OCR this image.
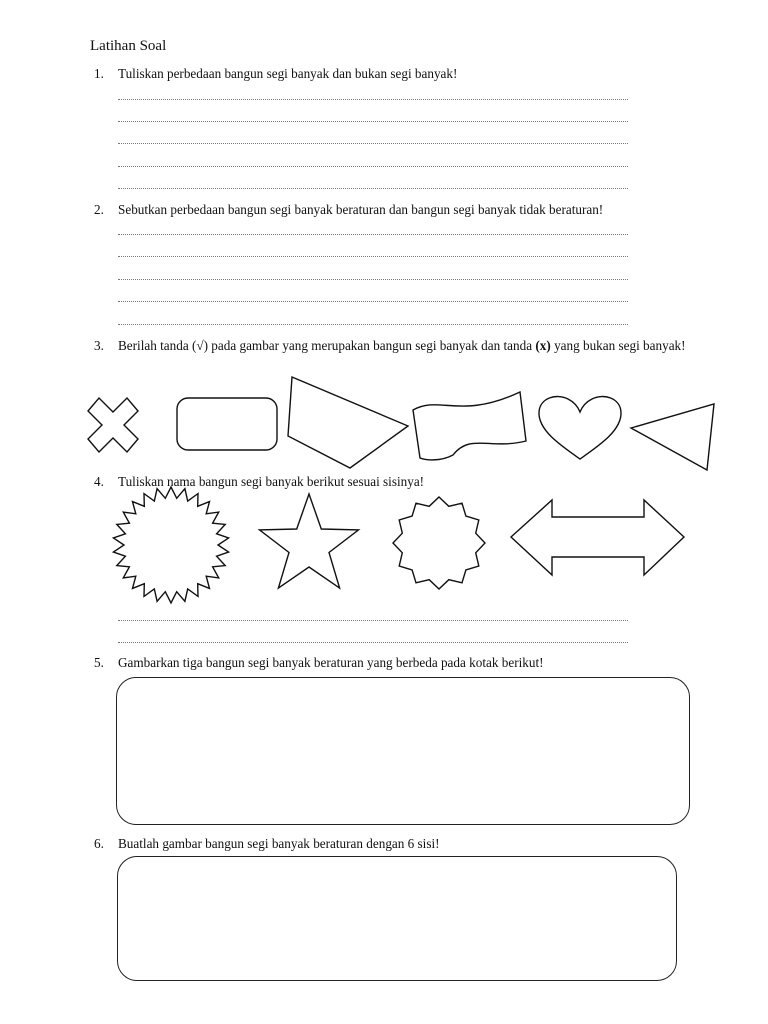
Latihan Soal
1. Tuliskan perbedaan bangun segi banyak dan bukan segi banyak!
2. Sebutkan perbedaan bangun segi banyak beraturan dan bangun segi banyak tidak beraturan!
3. Berilah tanda (√) pada gambar yang merupakan bangun segi banyak dan tanda (x) yang bukan segi banyak!
4. Tuliskan nama bangun segi banyak berikut sesuai sisinya!
5. Gambarkan tiga bangun segi banyak beraturan yang berbeda pada kotak berikut!
6. Buatlah gambar bangun segi banyak beraturan dengan 6 sisi!
